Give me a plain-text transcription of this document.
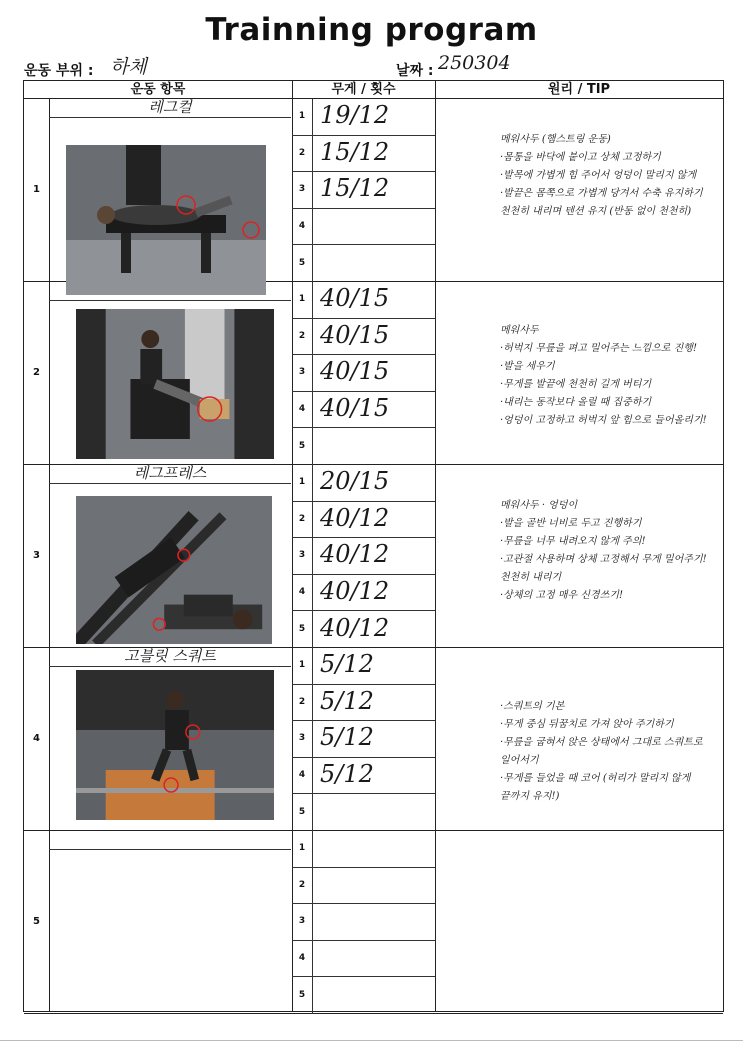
Trainning program
운동 부위 : 하체	날짜 : 250304
운동 항목	무게 / 횟수	원리 / TIP
1
레그컬
1 19/12
2 15/12
3 15/12
4
5
메워사두 (햄스트링 운동)
·몸통을 바닥에 붙이고 상체 고정하기
·발목에 가볍게 힘 주어서 엉덩이 말리지 않게
·발끝은 몸쪽으로 가볍게 당겨서 수축 유지하기
천천히 내리며 텐션 유지 (반동 없이 천천히)
2
1 40/15
2 40/15
3 40/15
4 40/15
5
메워사두
·허벅지 무릎을 펴고 밀어주는 느낌으로 진행!
·발을 세우기
·무게를 발끝에 천천히 길게 버티기
·내리는 동작보다 올릴 때 집중하기
·엉덩이 고정하고 허벅지 앞 힘으로 들어올리기!
3
레그프레스
1 20/15
2 40/12
3 40/12
4 40/12
5 40/12
메워사두 · 엉덩이
·발을 골반 너비로 두고 진행하기
·무릎을 너무 내려오지 않게 주의!
·고관절 사용하며 상체 고정해서 무게 밀어주기!
천천히 내리기
·상체의 고정 매우 신경쓰기!
4
고블릿 스쿼트
1 5/12
2 5/12
3 5/12
4 5/12
5
·스쿼트의 기본
·무게 중심 뒤꿈치로 가져 앉아 주기하기
·무릎을 굽혀서 앉은 상태에서 그대로 스쿼트로
일어서기
·무게를 들었을 때 코어 (허리가 말리지 않게
끝까지 유지!)
5
1
2
3
4
5
